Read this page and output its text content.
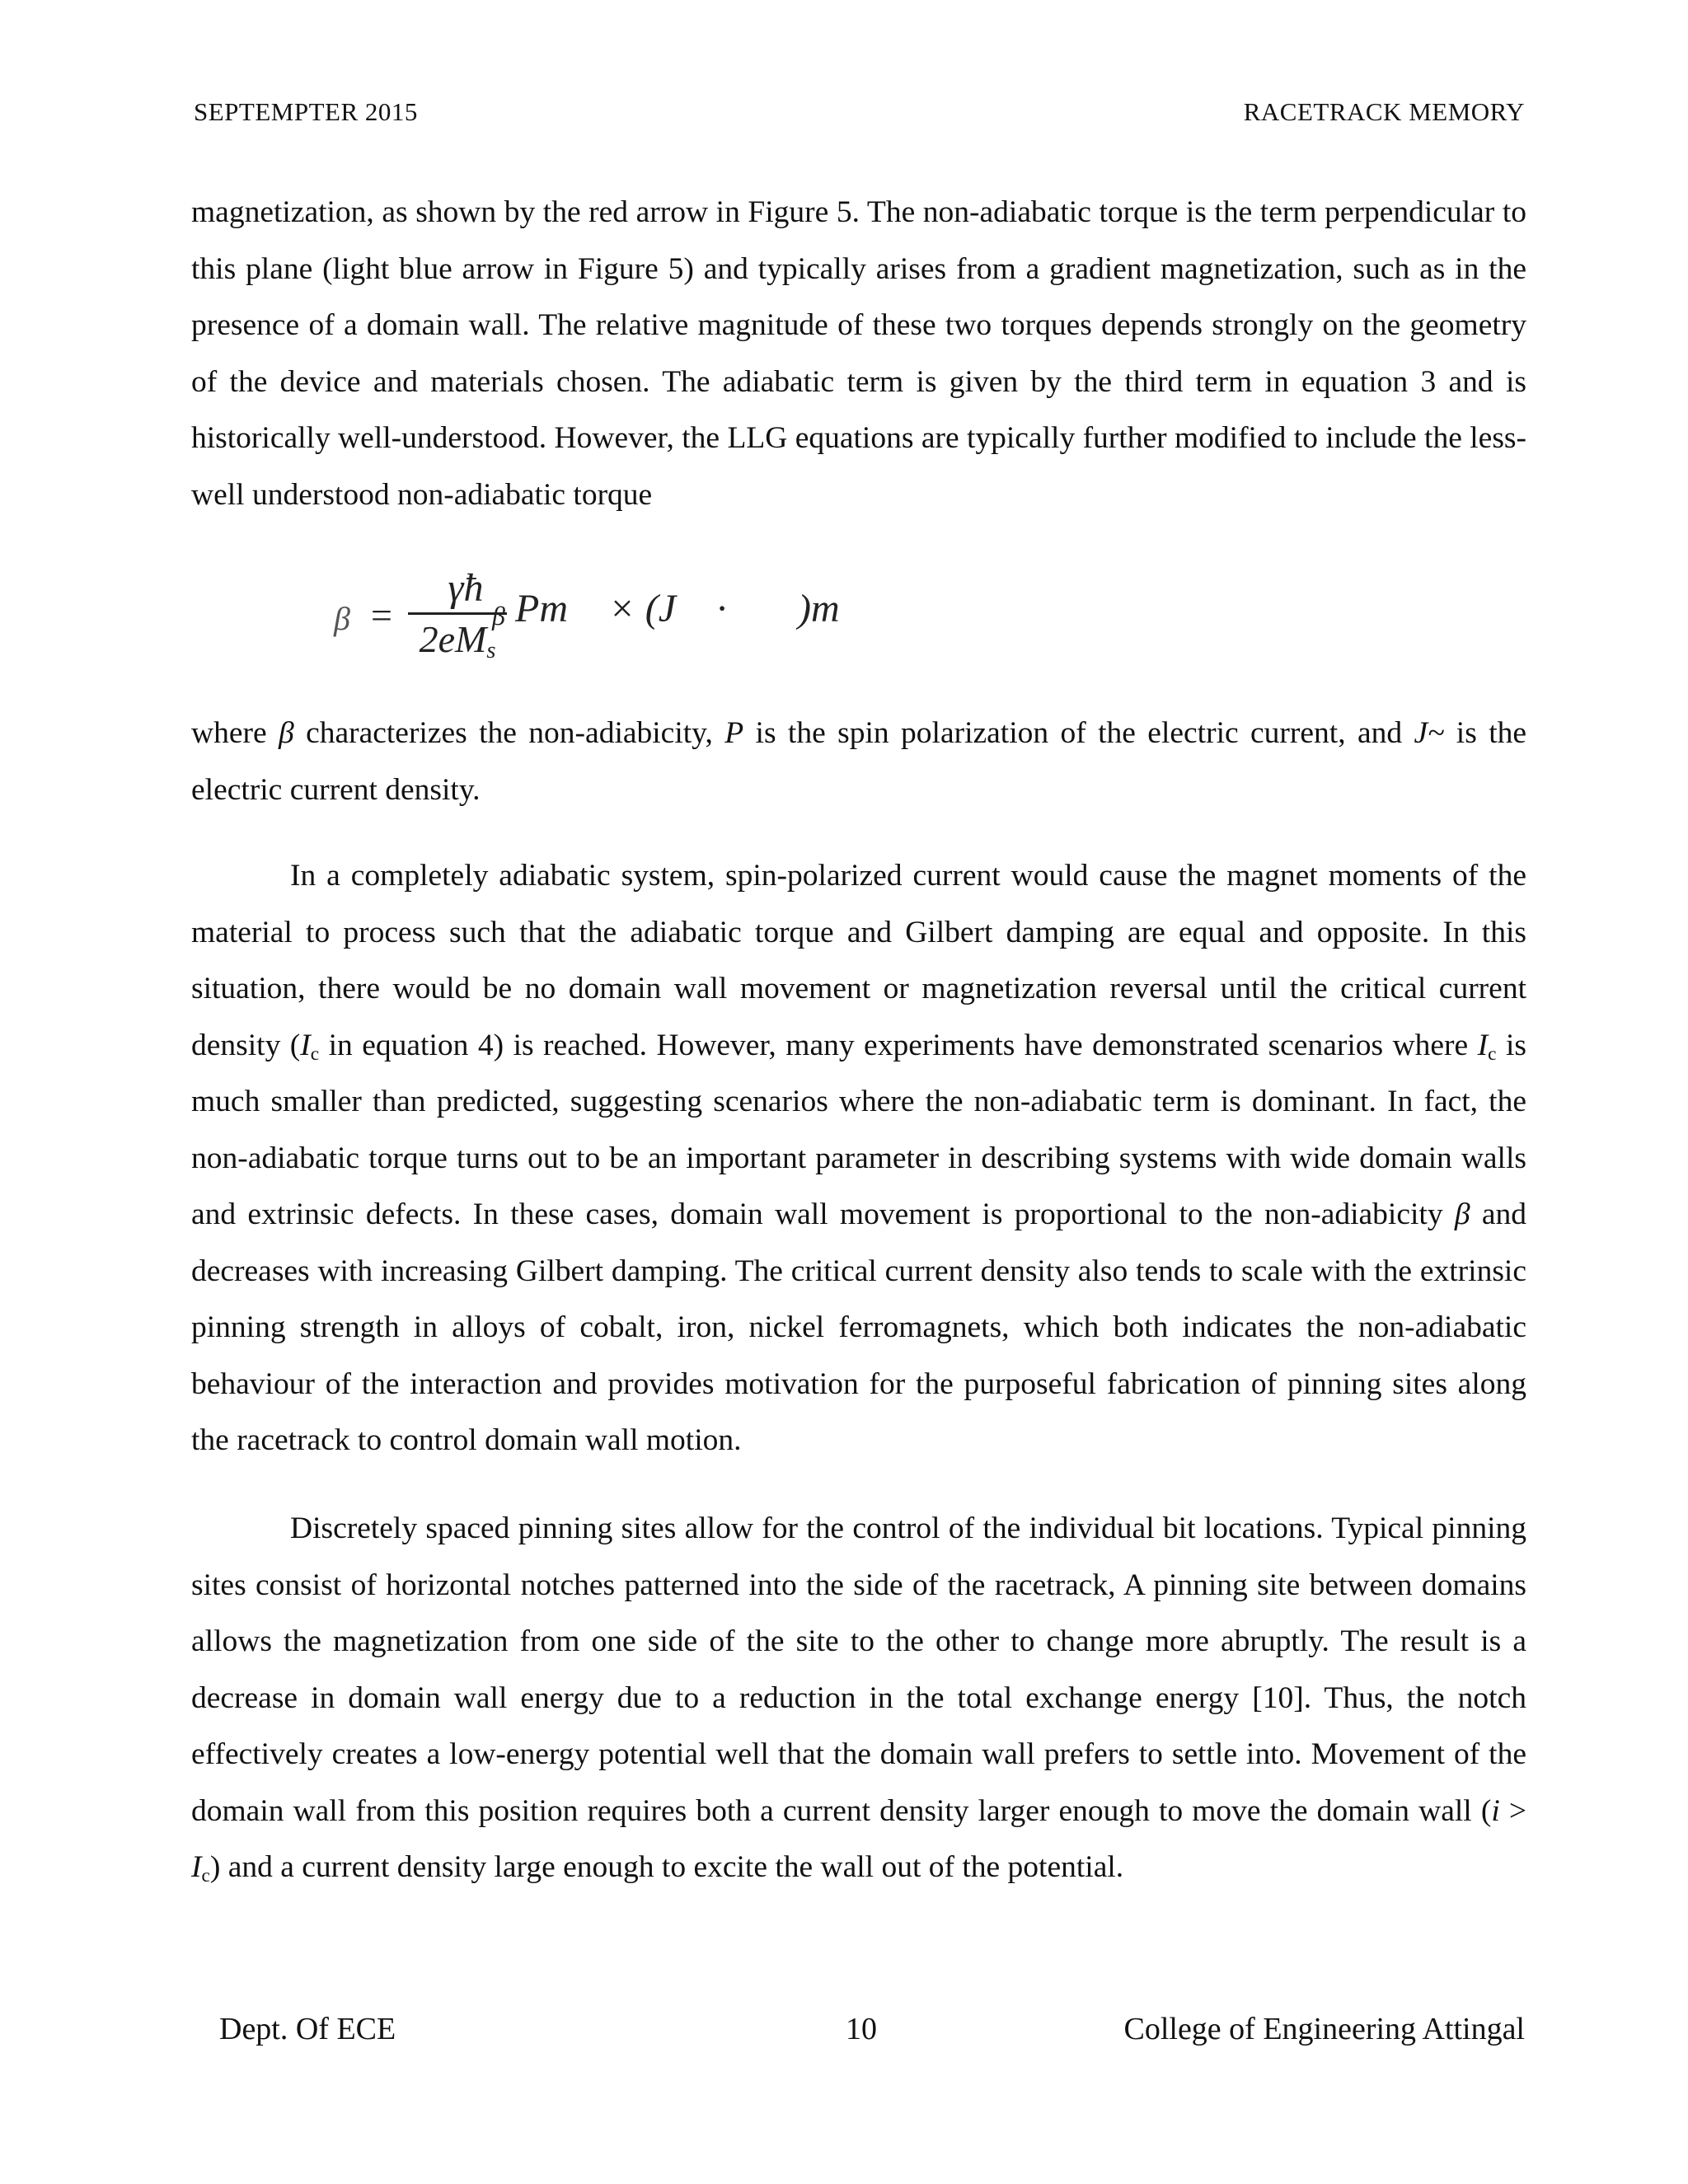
SEPTEMPTER 2015	RACETRACK MEMORY

magnetization, as shown by the red arrow in Figure 5. The non-adiabatic torque is the term perpendicular to this plane (light blue arrow in Figure 5) and typically arises from a gradient magnetization, such as in the presence of a domain wall. The relative magnitude of these two torques depends strongly on the geometry of the device and materials chosen. The adiabatic term is given by the third term in equation 3 and is historically well-understood. However, the LLG equations are typically further modified to include the less-well understood non-adiabatic torque

β =
γħ
$2eM_s$
β Pm⃗ × (J⃗ · ∇⃗)m⃗

where β characterizes the non-adiabicity, P is the spin polarization of the electric current, and J~ is the electric current density.

In a completely adiabatic system, spin-polarized current would cause the magnet moments of the material to process such that the adiabatic torque and Gilbert damping are equal and opposite. In this situation, there would be no domain wall movement or magnetization reversal until the critical current density ($I_c$ in equation 4) is reached. However, many experiments have demonstrated scenarios where $I_c$ is much smaller than predicted, suggesting scenarios where the non-adiabatic term is dominant. In fact, the non-adiabatic torque turns out to be an important parameter in describing systems with wide domain walls and extrinsic defects. In these cases, domain wall movement is proportional to the non-adiabicity β and decreases with increasing Gilbert damping. The critical current density also tends to scale with the extrinsic pinning strength in alloys of cobalt, iron, nickel ferromagnets, which both indicates the non-adiabatic behaviour of the interaction and provides motivation for the purposeful fabrication of pinning sites along the racetrack to control domain wall motion.

Discretely spaced pinning sites allow for the control of the individual bit locations. Typical pinning sites consist of horizontal notches patterned into the side of the racetrack, A pinning site between domains allows the magnetization from one side of the site to the other to change more abruptly. The result is a decrease in domain wall energy due to a reduction in the total exchange energy [10]. Thus, the notch effectively creates a low-energy potential well that the domain wall prefers to settle into. Movement of the domain wall from this position requires both a current density larger enough to move the domain wall $(i > I_c)$ and a current density large enough to excite the wall out of the potential.

Dept. Of ECE	10	College of Engineering Attingal
